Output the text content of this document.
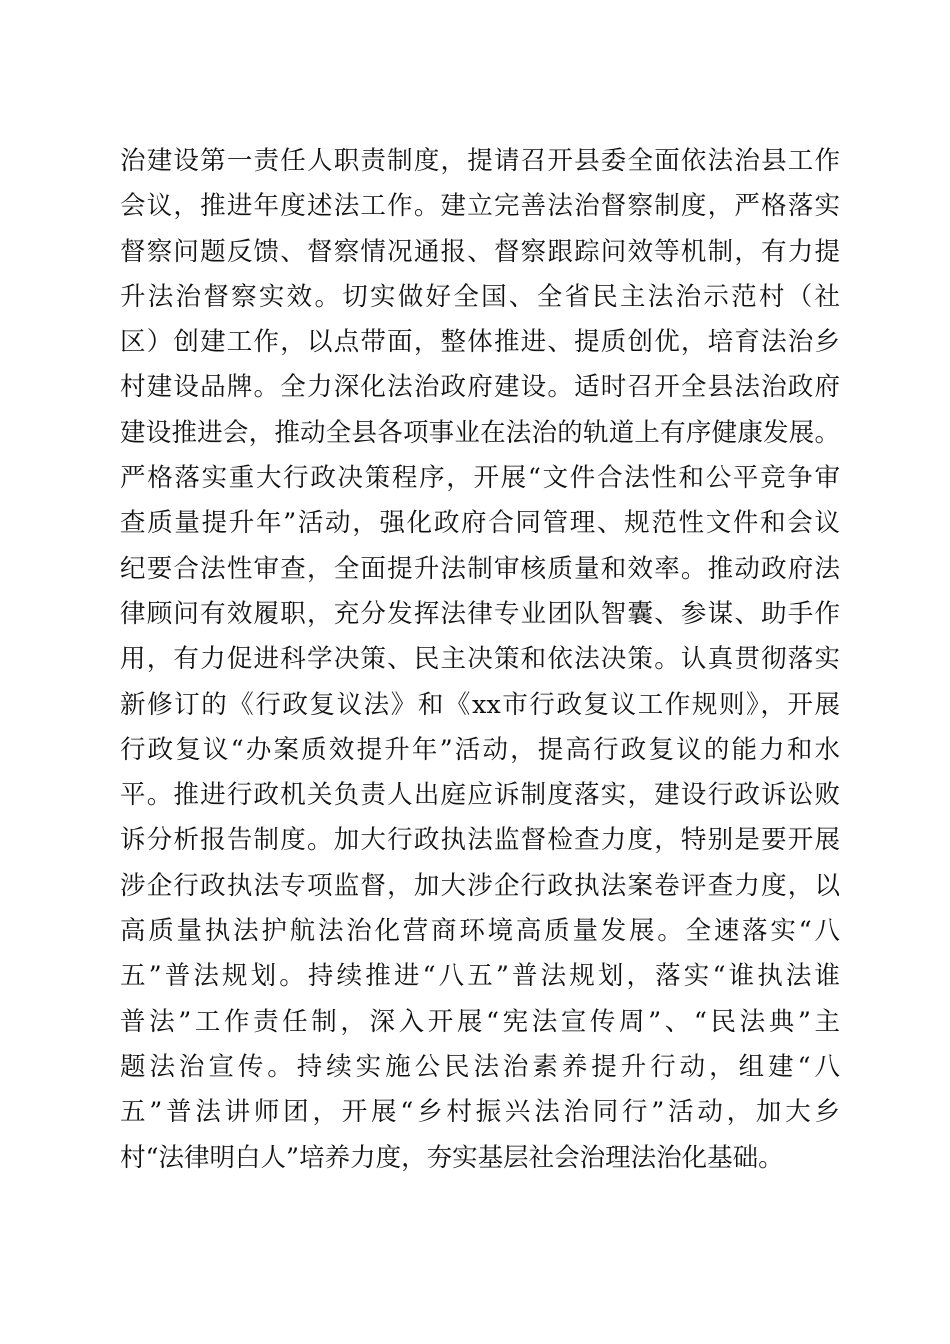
治建设第一责任人职责制度，提请召开县委全面依法治县工作
会议，推进年度述法工作。建立完善法治督察制度，严格落实
督察问题反馈、督察情况通报、督察跟踪问效等机制，有力提
升法治督察实效。切实做好全国、全省民主法治示范村（社
区）创建工作，以点带面，整体推进、提质创优，培育法治乡
村建设品牌。全力深化法治政府建设。适时召开全县法治政府
建设推进会，推动全县各项事业在法治的轨道上有序健康发展。
严格落实重大行政决策程序，开展“文件合法性和公平竞争审
查质量提升年”活动，强化政府合同管理、规范性文件和会议
纪要合法性审查，全面提升法制审核质量和效率。推动政府法
律顾问有效履职，充分发挥法律专业团队智囊、参谋、助手作
用，有力促进科学决策、民主决策和依法决策。认真贯彻落实
新修订的《行政复议法》和《xx市行政复议工作规则》，开展
行政复议“办案质效提升年”活动，提高行政复议的能力和水
平。推进行政机关负责人出庭应诉制度落实，建设行政诉讼败
诉分析报告制度。加大行政执法监督检查力度，特别是要开展
涉企行政执法专项监督，加大涉企行政执法案卷评查力度，以
高质量执法护航法治化营商环境高质量发展。全速落实“八
五”普法规划。持续推进“八五”普法规划，落实“谁执法谁
普法”工作责任制，深入开展“宪法宣传周”、“民法典”主
题法治宣传。持续实施公民法治素养提升行动，组建“八
五”普法讲师团，开展“乡村振兴法治同行”活动，加大乡
村“法律明白人”培养力度，夯实基层社会治理法治化基础。
